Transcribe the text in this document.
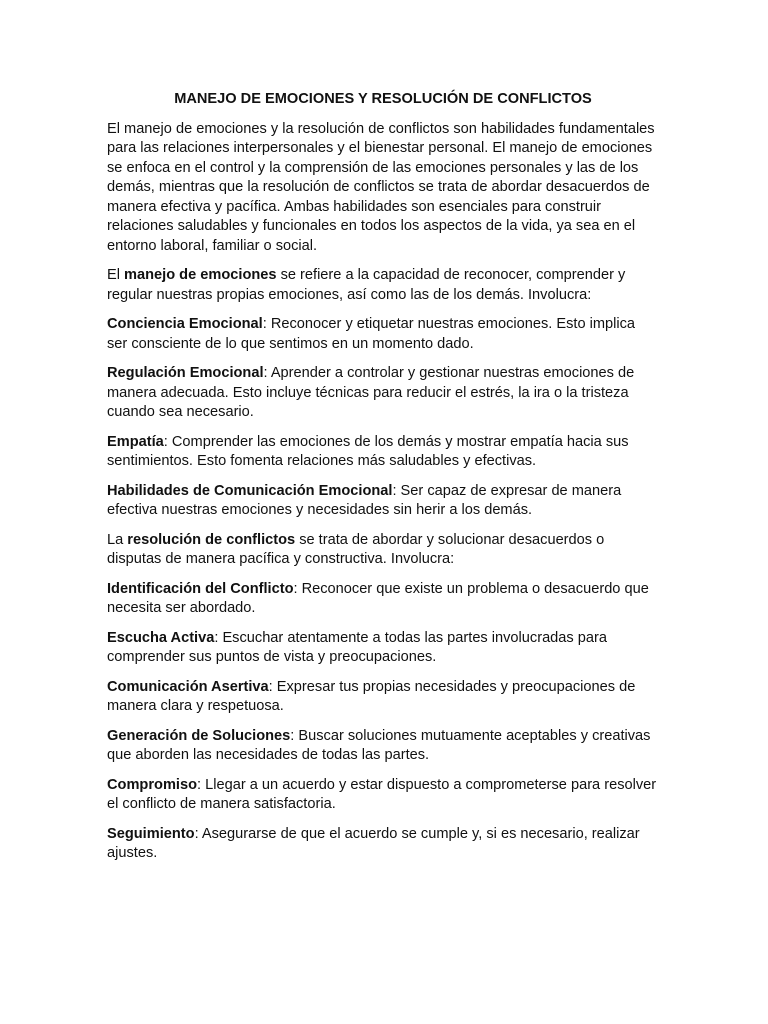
MANEJO DE EMOCIONES Y RESOLUCIÓN DE CONFLICTOS

El manejo de emociones y la resolución de conflictos son habilidades fundamentales para las relaciones interpersonales y el bienestar personal. El manejo de emociones se enfoca en el control y la comprensión de las emociones personales y las de los demás, mientras que la resolución de conflictos se trata de abordar desacuerdos de manera efectiva y pacífica. Ambas habilidades son esenciales para construir relaciones saludables y funcionales en todos los aspectos de la vida, ya sea en el entorno laboral, familiar o social.

El manejo de emociones se refiere a la capacidad de reconocer, comprender y regular nuestras propias emociones, así como las de los demás. Involucra:

Conciencia Emocional: Reconocer y etiquetar nuestras emociones. Esto implica ser consciente de lo que sentimos en un momento dado.

Regulación Emocional: Aprender a controlar y gestionar nuestras emociones de manera adecuada. Esto incluye técnicas para reducir el estrés, la ira o la tristeza cuando sea necesario.

Empatía: Comprender las emociones de los demás y mostrar empatía hacia sus sentimientos. Esto fomenta relaciones más saludables y efectivas.

Habilidades de Comunicación Emocional: Ser capaz de expresar de manera efectiva nuestras emociones y necesidades sin herir a los demás.

La resolución de conflictos se trata de abordar y solucionar desacuerdos o disputas de manera pacífica y constructiva. Involucra:

Identificación del Conflicto: Reconocer que existe un problema o desacuerdo que necesita ser abordado.

Escucha Activa: Escuchar atentamente a todas las partes involucradas para comprender sus puntos de vista y preocupaciones.

Comunicación Asertiva: Expresar tus propias necesidades y preocupaciones de manera clara y respetuosa.

Generación de Soluciones: Buscar soluciones mutuamente aceptables y creativas que aborden las necesidades de todas las partes.

Compromiso: Llegar a un acuerdo y estar dispuesto a comprometerse para resolver el conflicto de manera satisfactoria.

Seguimiento: Asegurarse de que el acuerdo se cumple y, si es necesario, realizar ajustes.
